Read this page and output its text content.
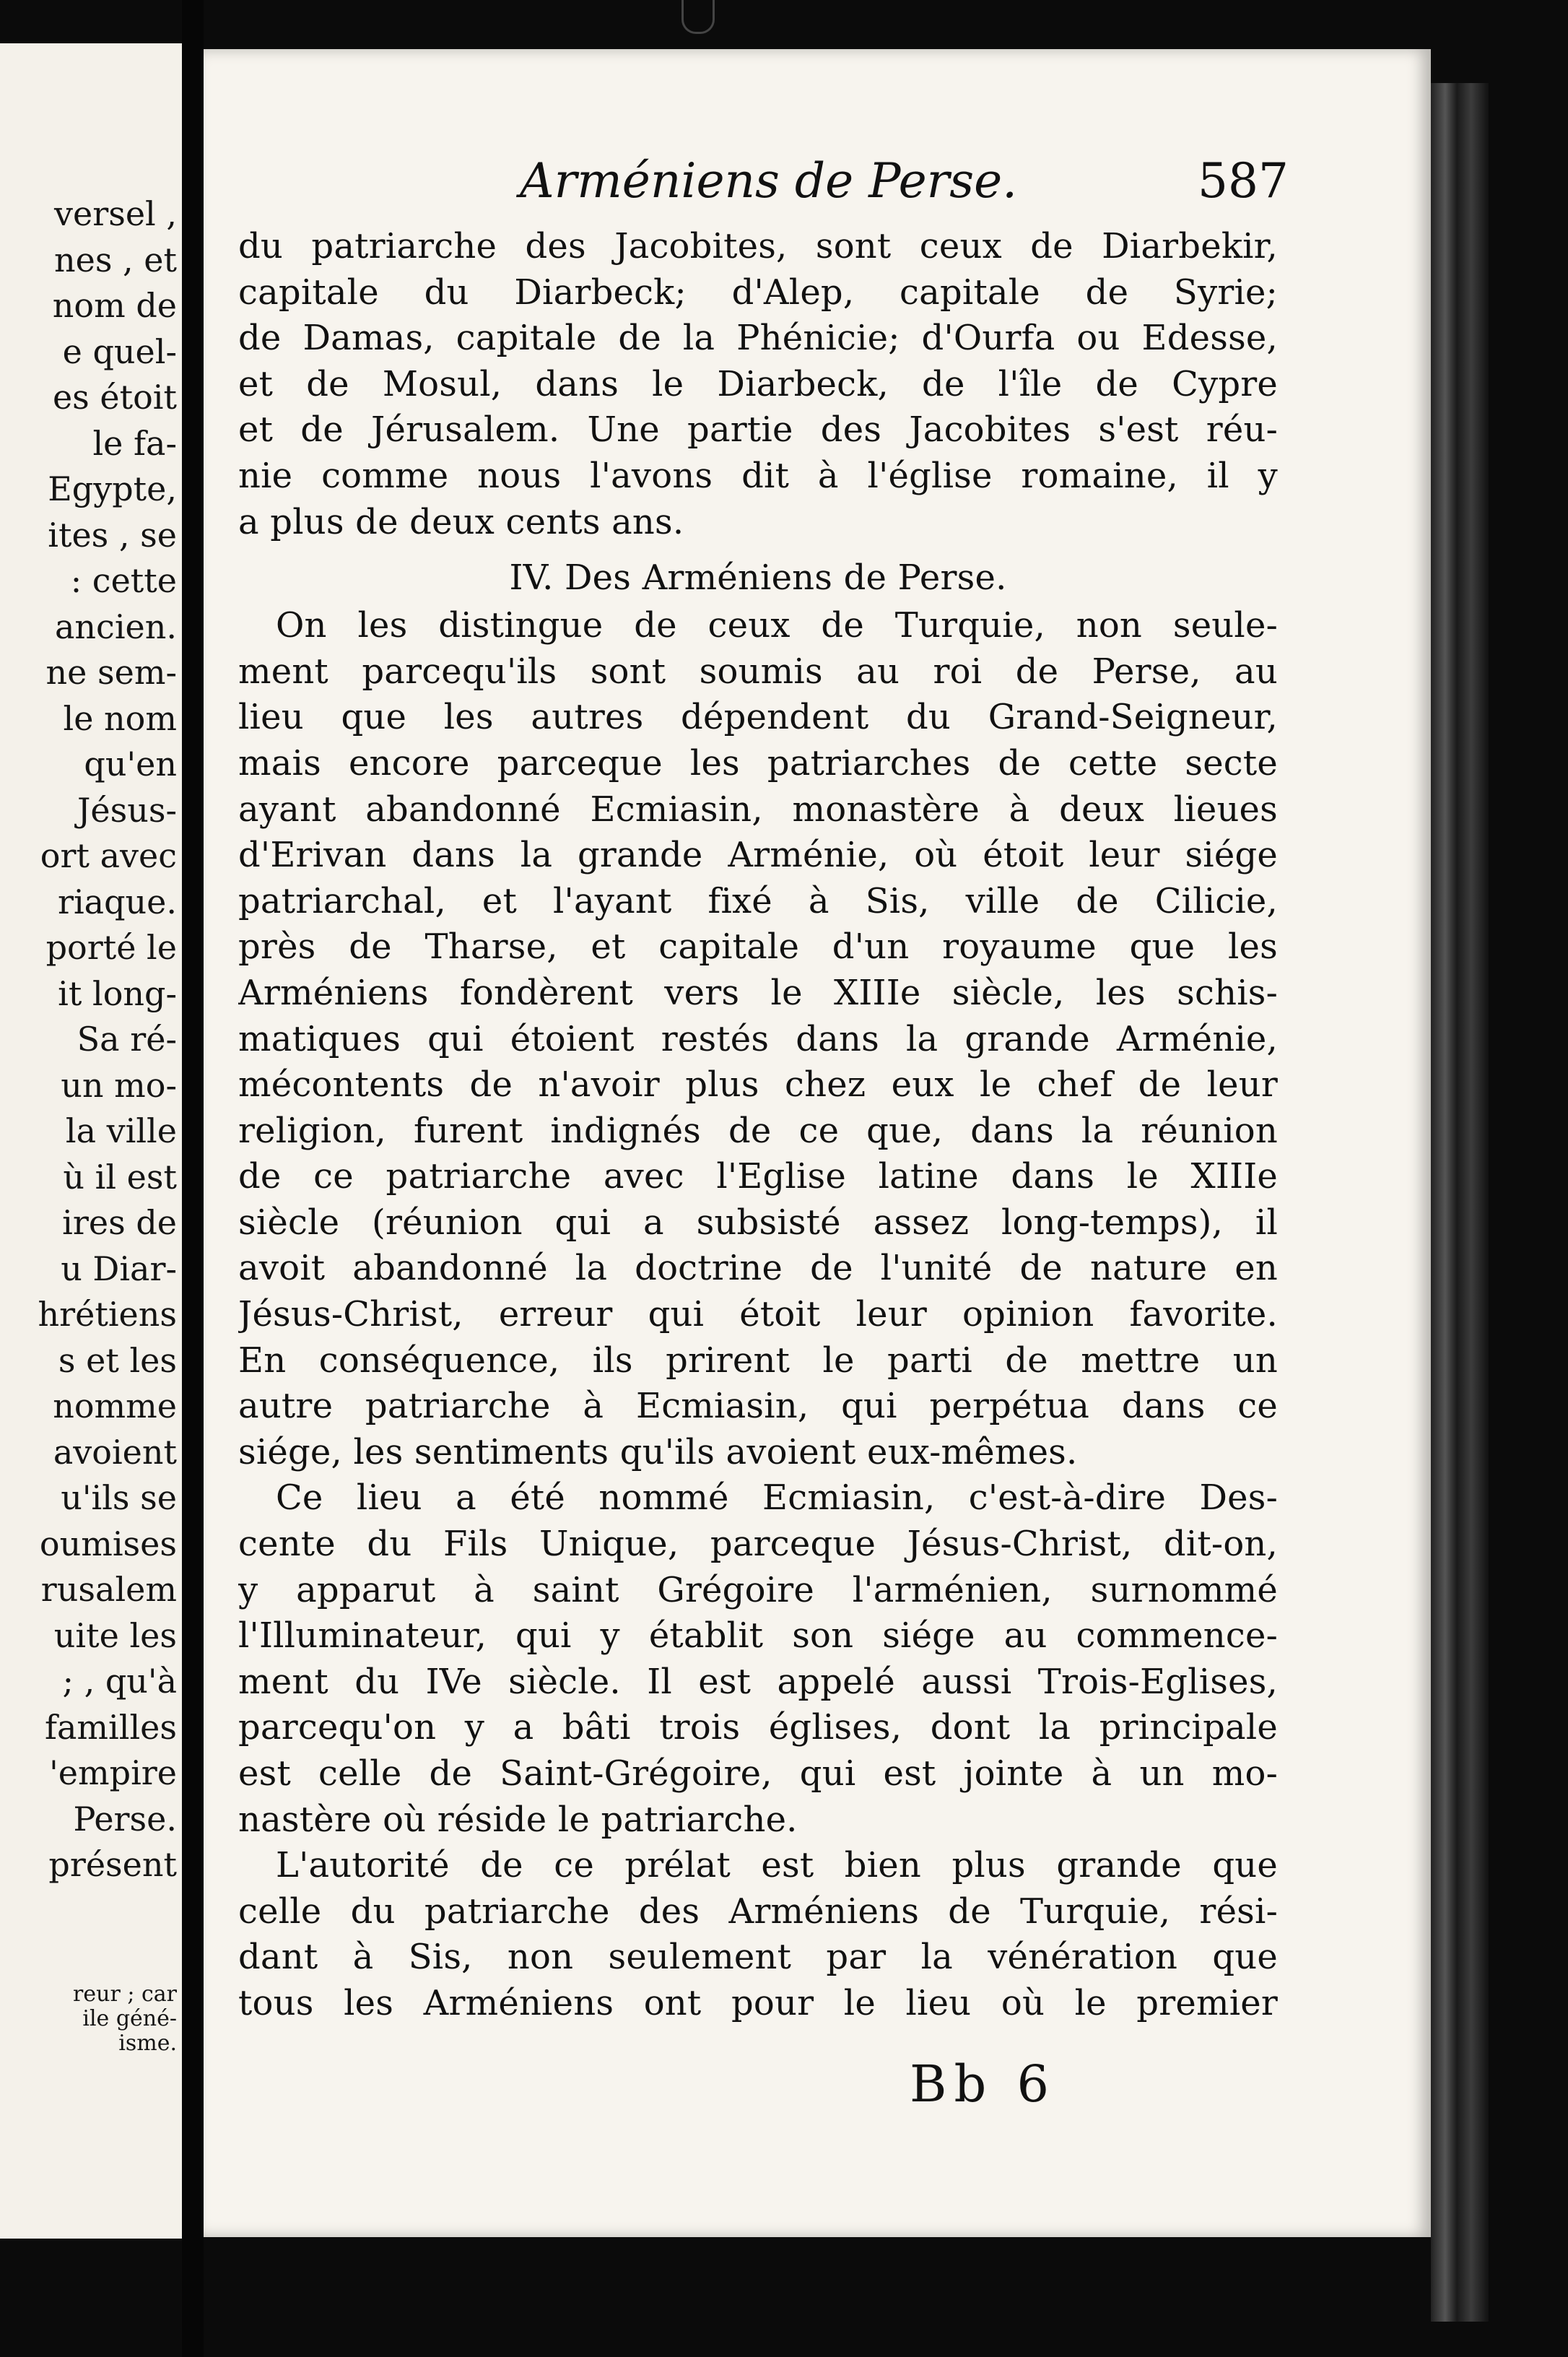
versel ,
nes , et
nom de
e quel-
es étoit
le fa-
Egypte,
ites , se
: cette
ancien.
ne sem-
le nom
qu'en
Jésus-
ort avec
riaque.
porté le
it long-
Sa ré-
un mo-
la ville
ù il est
ires de
u Diar-
hrétiens
s et les
nomme
avoient
u'ils se
oumises
rusalem
uite les
; , qu'à
familles
'empire
Perse.
présent
reur ; car
ile géné-
isme.
Arméniens de Perse.	587
du patriarche des Jacobites, sont ceux de Diarbekir,
capitale du Diarbeck; d'Alep, capitale de Syrie;
de Damas, capitale de la Phénicie; d'Ourfa ou Edesse,
et de Mosul, dans le Diarbeck, de l'île de Cypre
et de Jérusalem. Une partie des Jacobites s'est réu-
nie comme nous l'avons dit à l'église romaine, il y
a plus de deux cents ans.
IV. Des Arméniens de Perse.
On les distingue de ceux de Turquie, non seule-
ment parcequ'ils sont soumis au roi de Perse, au
lieu que les autres dépendent du Grand-Seigneur,
mais encore parceque les patriarches de cette secte
ayant abandonné Ecmiasin, monastère à deux lieues
d'Erivan dans la grande Arménie, où étoit leur siége
patriarchal, et l'ayant fixé à Sis, ville de Cilicie,
près de Tharse, et capitale d'un royaume que les
Arméniens fondèrent vers le XIIIe siècle, les schis-
matiques qui étoient restés dans la grande Arménie,
mécontents de n'avoir plus chez eux le chef de leur
religion, furent indignés de ce que, dans la réunion
de ce patriarche avec l'Eglise latine dans le XIIIe
siècle (réunion qui a subsisté assez long-temps), il
avoit abandonné la doctrine de l'unité de nature en
Jésus-Christ, erreur qui étoit leur opinion favorite.
En conséquence, ils prirent le parti de mettre un
autre patriarche à Ecmiasin, qui perpétua dans ce
siége, les sentiments qu'ils avoient eux-mêmes.
Ce lieu a été nommé Ecmiasin, c'est-à-dire Des-
cente du Fils Unique, parceque Jésus-Christ, dit-on,
y apparut à saint Grégoire l'arménien, surnommé
l'Illuminateur, qui y établit son siége au commence-
ment du IVe siècle. Il est appelé aussi Trois-Eglises,
parcequ'on y a bâti trois églises, dont la principale
est celle de Saint-Grégoire, qui est jointe à un mo-
nastère où réside le patriarche.
L'autorité de ce prélat est bien plus grande que
celle du patriarche des Arméniens de Turquie, rési-
dant à Sis, non seulement par la vénération que
tous les Arméniens ont pour le lieu où le premier
Bb 6
